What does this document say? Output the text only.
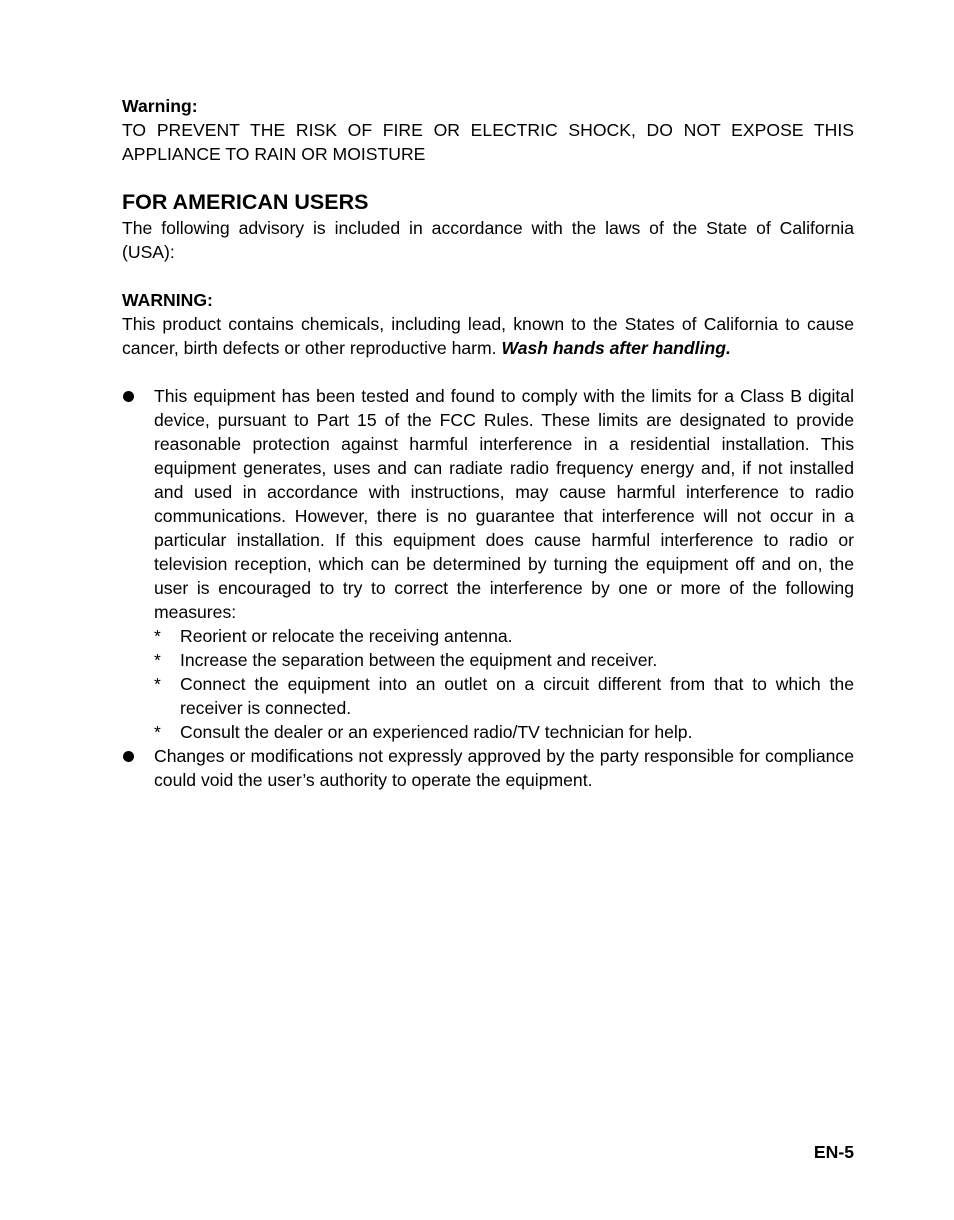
Warning:

TO PREVENT THE RISK OF FIRE OR ELECTRIC SHOCK, DO NOT EXPOSE THIS APPLIANCE TO RAIN OR MOISTURE

FOR AMERICAN USERS

The following advisory is included in accordance with the laws of the State of California (USA):

WARNING:

This product contains chemicals, including lead, known to the States of California to cause cancer, birth defects or other reproductive harm. Wash hands after handling.

This equipment has been tested and found to comply with the limits for a Class B digital device, pursuant to Part 15 of the FCC Rules. These limits are designated to provide reasonable protection against harmful interference in a residential installation. This equipment generates, uses and can radiate radio frequency energy and, if not installed and used in accordance with instructions, may cause harmful interference to radio communications. However, there is no guarantee that interference will not occur in a particular installation. If this equipment does cause harmful interference to radio or television reception, which can be determined by turning the equipment off and on, the user is encouraged to try to correct the interference by one or more of the following measures:

* Reorient or relocate the receiving antenna.
* Increase the separation between the equipment and receiver.
* Connect the equipment into an outlet on a circuit different from that to which the receiver is connected.
* Consult the dealer or an experienced radio/TV technician for help.

Changes or modifications not expressly approved by the party responsible for compliance could void the user’s authority to operate the equipment.

EN-5
